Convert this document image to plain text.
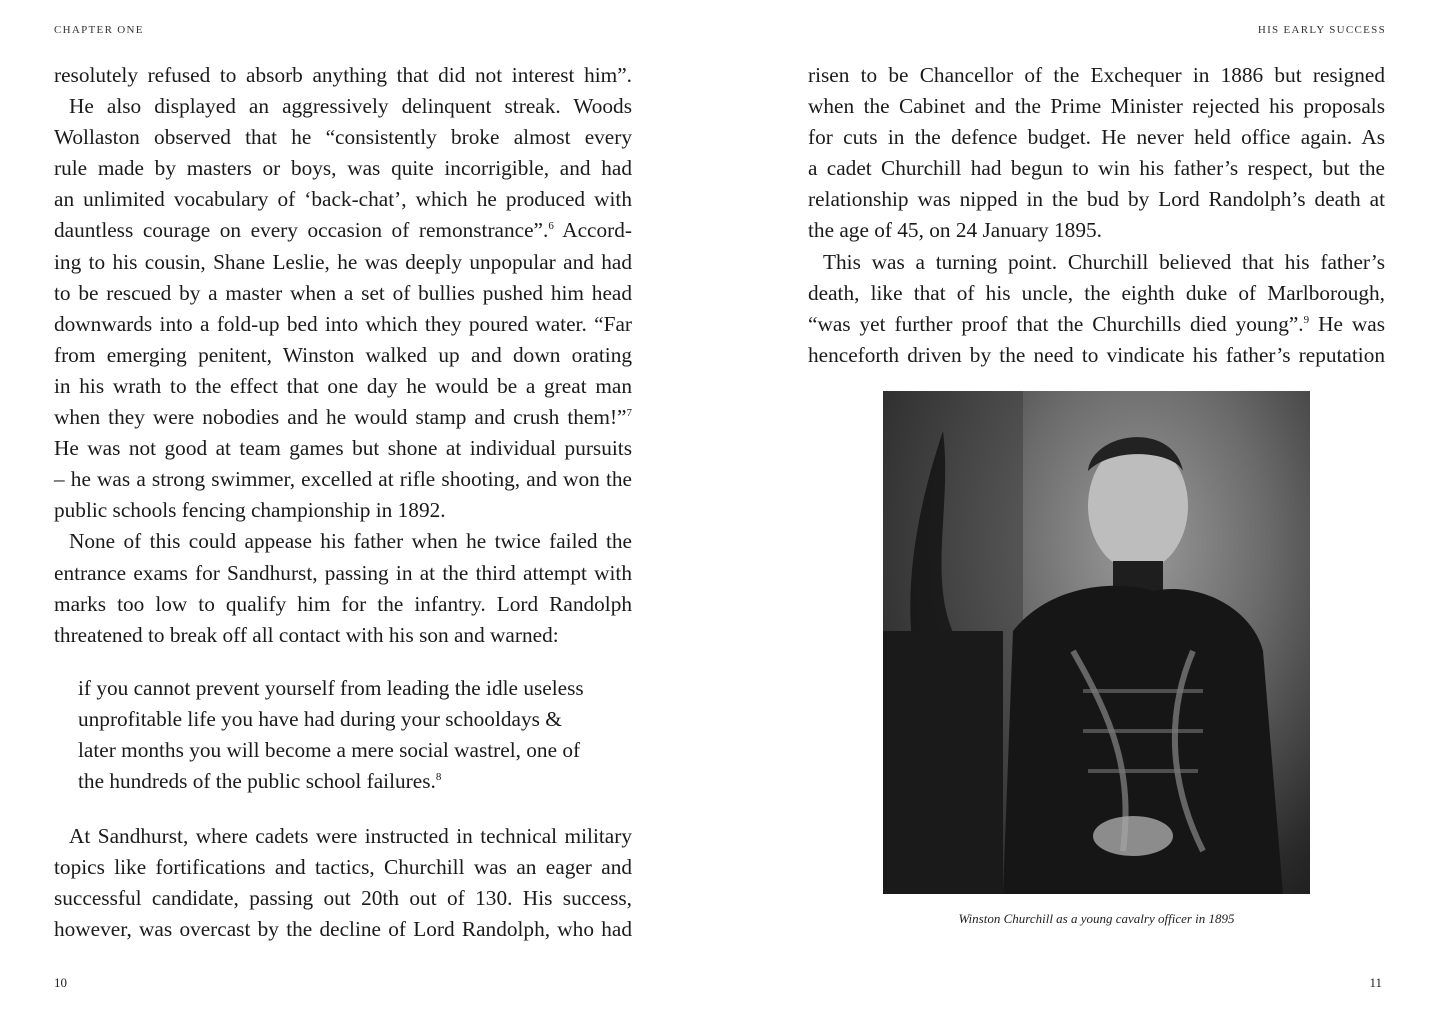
CHAPTER ONE	HIS EARLY SUCCESS
resolutely refused to absorb anything that did not interest him”.
He also displayed an aggressively delinquent streak. Woods
Wollaston observed that he “consistently broke almost every
rule made by masters or boys, was quite incorrigible, and had
an unlimited vocabulary of ‘back-chat’, which he produced with
dauntless courage on every occasion of remonstrance”.$^6$ Accord-
ing to his cousin, Shane Leslie, he was deeply unpopular and had
to be rescued by a master when a set of bullies pushed him head
downwards into a fold-up bed into which they poured water. “Far
from emerging penitent, Winston walked up and down orating
in his wrath to the effect that one day he would be a great man
when they were nobodies and he would stamp and crush them!”$^7$
He was not good at team games but shone at individual pursuits
– he was a strong swimmer, excelled at rifle shooting, and won the
public schools fencing championship in 1892.
None of this could appease his father when he twice failed the
entrance exams for Sandhurst, passing in at the third attempt with
marks too low to qualify him for the infantry. Lord Randolph
threatened to break off all contact with his son and warned:
if you cannot prevent yourself from leading the idle useless
unprofitable life you have had during your schooldays &
later months you will become a mere social wastrel, one of
the hundreds of the public school failures.$^8$
At Sandhurst, where cadets were instructed in technical military
topics like fortifications and tactics, Churchill was an eager and
successful candidate, passing out 20th out of 130. His success,
however, was overcast by the decline of Lord Randolph, who had
risen to be Chancellor of the Exchequer in 1886 but resigned
when the Cabinet and the Prime Minister rejected his proposals
for cuts in the defence budget. He never held office again. As
a cadet Churchill had begun to win his father’s respect, but the
relationship was nipped in the bud by Lord Randolph’s death at
the age of 45, on 24 January 1895.
This was a turning point. Churchill believed that his father’s
death, like that of his uncle, the eighth duke of Marlborough,
“was yet further proof that the Churchills died young”.$^9$ He was
henceforth driven by the need to vindicate his father’s reputation
Winston Churchill as a young cavalry officer in 1895
10	11
